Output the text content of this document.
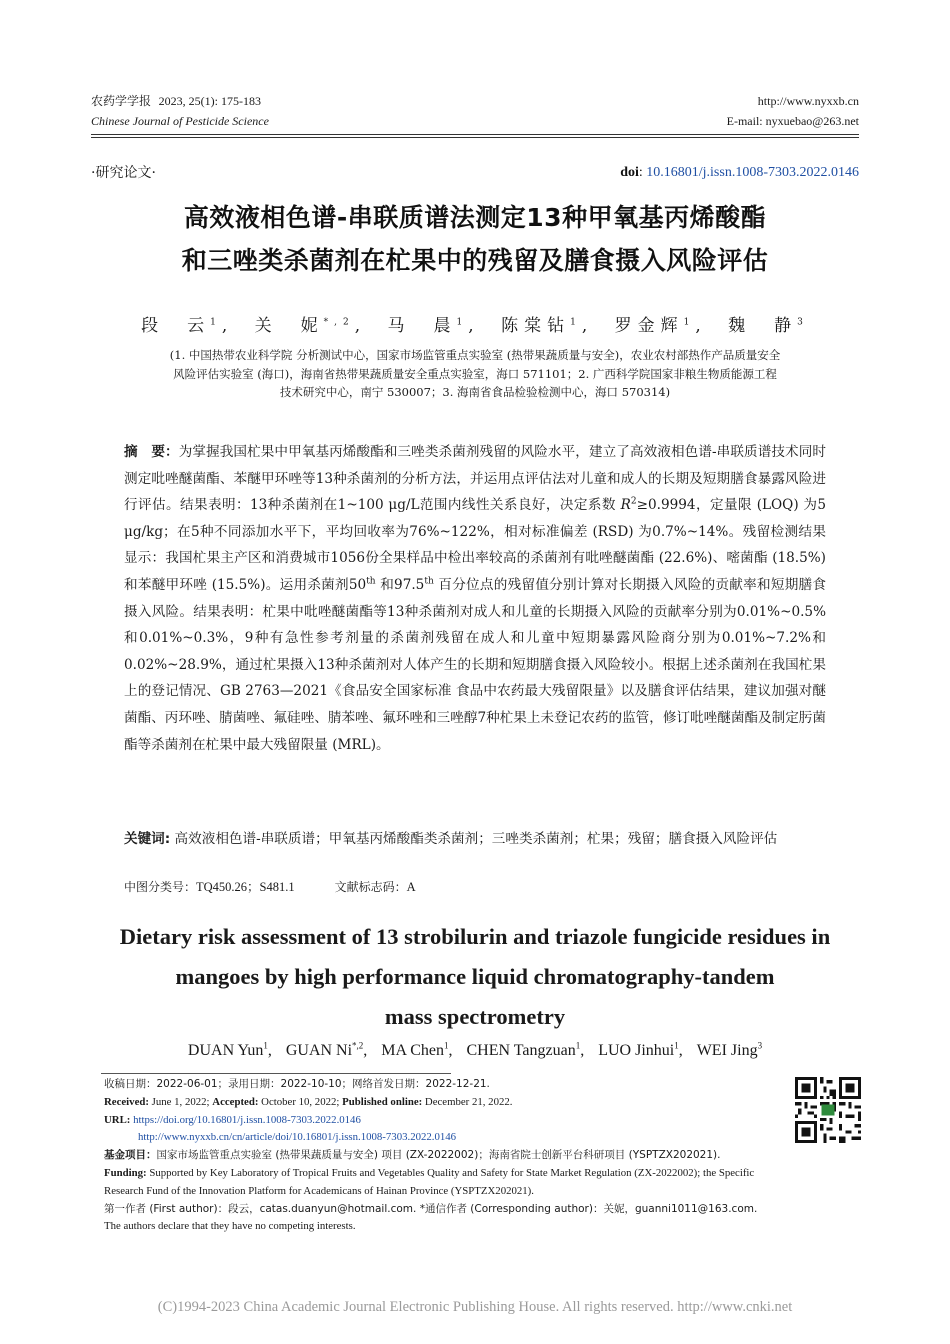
农药学学报 2023, 25(1): 175-183
Chinese Journal of Pesticide Science
http://www.nyxxb.cn
E-mail: nyxuebao@263.net
·研究论文·	doi: 10.16801/j.issn.1008-7303.2022.0146
高效液相色谱-串联质谱法测定13种甲氧基丙烯酸酯
和三唑类杀菌剂在杧果中的残留及膳食摄入风险评估
段　云$^1$, 关　妮$^{*,2}$, 马　晨$^1$, 陈棠钻$^1$, 罗金辉$^1$, 魏　静$^3$
(1. 中国热带农业科学院 分析测试中心，国家市场监管重点实验室 (热带果蔬质量与安全)，农业农村部热作产品质量安全
风险评估实验室 (海口)，海南省热带果蔬质量安全重点实验室，海口 571101；2. 广西科学院国家非粮生物质能源工程
技术研究中心，南宁 530007；3. 海南省食品检验检测中心，海口 570314)
摘　要：为掌握我国杧果中甲氧基丙烯酸酯和三唑类杀菌剂残留的风险水平，建立了高效液相色谱-串联质谱技术同时测定吡唑醚菌酯、苯醚甲环唑等13种杀菌剂的分析方法，并运用点评估法对儿童和成人的长期及短期膳食暴露风险进行评估。结果表明：13种杀菌剂在1~100 μg/L范围内线性关系良好，决定系数 $R^2\ge 0.9994$，定量限 (LOQ) 为5 μg/kg；在5种不同添加水平下，平均回收率为76%~122%，相对标准偏差 (RSD) 为0.7%~14%。残留检测结果显示：我国杧果主产区和消费城市1056份全果样品中检出率较高的杀菌剂有吡唑醚菌酯 (22.6%)、嘧菌酯 (18.5%) 和苯醚甲环唑 (15.5%)。运用杀菌剂50th 和97.5th 百分位点的残留值分别计算对长期摄入风险的贡献率和短期膳食摄入风险。结果表明：杧果中吡唑醚菌酯等13种杀菌剂对成人和儿童的长期摄入风险的贡献率分别为0.01%~0.5%和0.01%~0.3%，9种有急性参考剂量的杀菌剂残留在成人和儿童中短期暴露风险商分别为0.01%~7.2%和0.02%~28.9%，通过杧果摄入13种杀菌剂对人体产生的长期和短期膳食摄入风险较小。根据上述杀菌剂在我国杧果上的登记情况、GB 2763—2021《食品安全国家标准 食品中农药最大残留限量》以及膳食评估结果，建议加强对醚菌酯、丙环唑、腈菌唑、氟硅唑、腈苯唑、氟环唑和三唑醇7种杧果上未登记农药的监管，修订吡唑醚菌酯及制定肟菌酯等杀菌剂在杧果中最大残留限量 (MRL)。
关键词: 高效液相色谱-串联质谱；甲氧基丙烯酸酯类杀菌剂；三唑类杀菌剂；杧果；残留；膳食摄入风险评估
中图分类号：TQ450.26；S481.1	文献标志码：A
Dietary risk assessment of 13 strobilurin and triazole fungicide residues in
mangoes by high performance liquid chromatography-tandem
mass spectrometry
DUAN Yun$^1$, GUAN $Ni^{*,2}$, MA Chen$^1$, CHEN Tangzuan$^1$, LUO Jinhui$^1$, WEI Jing$^3$
收稿日期：2022-06-01；录用日期：2022-10-10；网络首发日期：2022-12-21.
Received: June 1, 2022; Accepted: October 10, 2022; Published online: December 21, 2022.
URL: https://doi.org/10.16801/j.issn.1008-7303.2022.0146
http://www.nyxxb.cn/cn/article/doi/10.16801/j.issn.1008-7303.2022.0146
基金项目：国家市场监管重点实验室 (热带果蔬质量与安全) 项目 (ZX-2022002)；海南省院士创新平台科研项目 (YSPTZX202021).
Funding: Supported by Key Laboratory of Tropical Fruits and Vegetables Quality and Safety for State Market Regulation (ZX-2022002); the Specific Research Fund of the Innovation Platform for Academicans of Hainan Province (YSPTZX202021).
第一作者 (First author)：段云，catas.duanyun@hotmail.com. *通信作者 (Corresponding author)：关妮，guanni1011@163.com.
The authors declare that they have no competing interests.
(C)1994-2023 China Academic Journal Electronic Publishing House. All rights reserved. http://www.cnki.net
